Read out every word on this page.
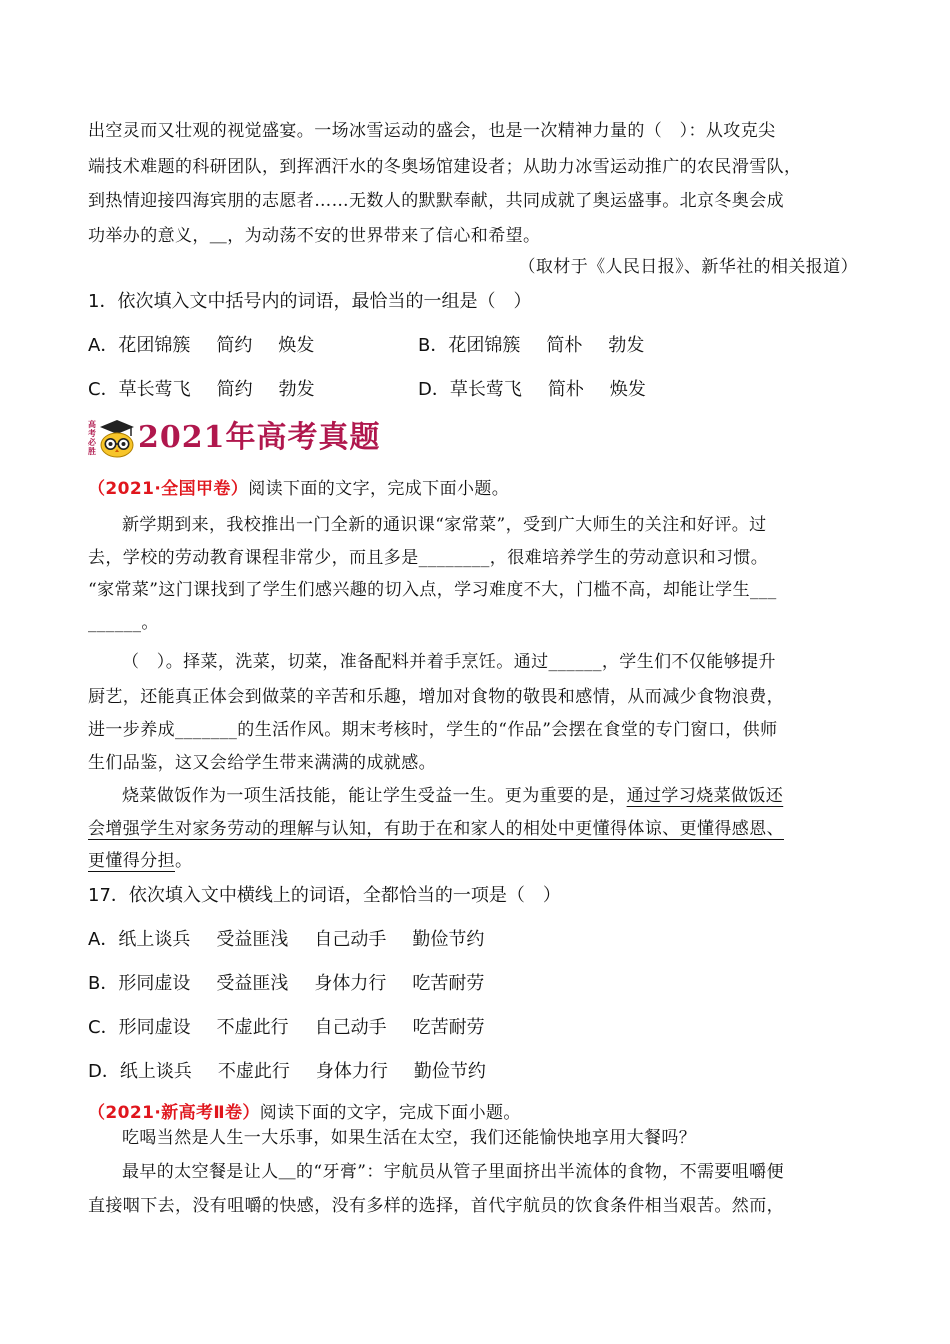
出空灵而又壮观的视觉盛宴。一场冰雪运动的盛会，也是一次精神力量的（　）：从攻克尖
端技术难题的科研团队，到挥洒汗水的冬奥场馆建设者；从助力冰雪运动推广的农民滑雪队，
到热情迎接四海宾朋的志愿者……无数人的默默奉献，共同成就了奥运盛事。北京冬奥会成
功举办的意义，＿，为动荡不安的世界带来了信心和希望。
（取材于《人民日报》、新华社的相关报道）
1．依次填入文中括号内的词语，最恰当的一组是（　）
A．花团锦簇 简约 焕发	B．花团锦簇 简朴 勃发
C．草长莺飞 简约 勃发	D．草长莺飞 简朴 焕发
高考必胜 2021年高考真题
（2021·全国甲卷）阅读下面的文字，完成下面小题。
新学期到来，我校推出一门全新的通识课“家常菜”，受到广大师生的关注和好评。过
去，学校的劳动教育课程非常少，而且多是________，很难培养学生的劳动意识和习惯。
“家常菜”这门课找到了学生们感兴趣的切入点，学习难度不大，门槛不高，却能让学生___
______。
（　）。择菜，洗菜，切菜，准备配料并着手烹饪。通过______，学生们不仅能够提升
厨艺，还能真正体会到做菜的辛苦和乐趣，增加对食物的敬畏和感情，从而减少食物浪费，
进一步养成_______的生活作风。期末考核时，学生的“作品”会摆在食堂的专门窗口，供师
生们品鉴，这又会给学生带来满满的成就感。
烧菜做饭作为一项生活技能，能让学生受益一生。更为重要的是，通过学习烧菜做饭还
会增强学生对家务劳动的理解与认知，有助于在和家人的相处中更懂得体谅、更懂得感恩、
更懂得分担。
17．依次填入文中横线上的词语，全都恰当的一项是（　）
A．纸上谈兵 受益匪浅 自己动手 勤俭节约
B．形同虚设 受益匪浅 身体力行 吃苦耐劳
C．形同虚设 不虚此行 自己动手 吃苦耐劳
D．纸上谈兵 不虚此行 身体力行 勤俭节约
（2021·新高考Ⅱ卷）阅读下面的文字，完成下面小题。
吃喝当然是人生一大乐事，如果生活在太空，我们还能愉快地享用大餐吗？
最早的太空餐是让人＿的“牙膏”：宇航员从管子里面挤出半流体的食物，不需要咀嚼便
直接咽下去，没有咀嚼的快感，没有多样的选择，首代宇航员的饮食条件相当艰苦。然而，
